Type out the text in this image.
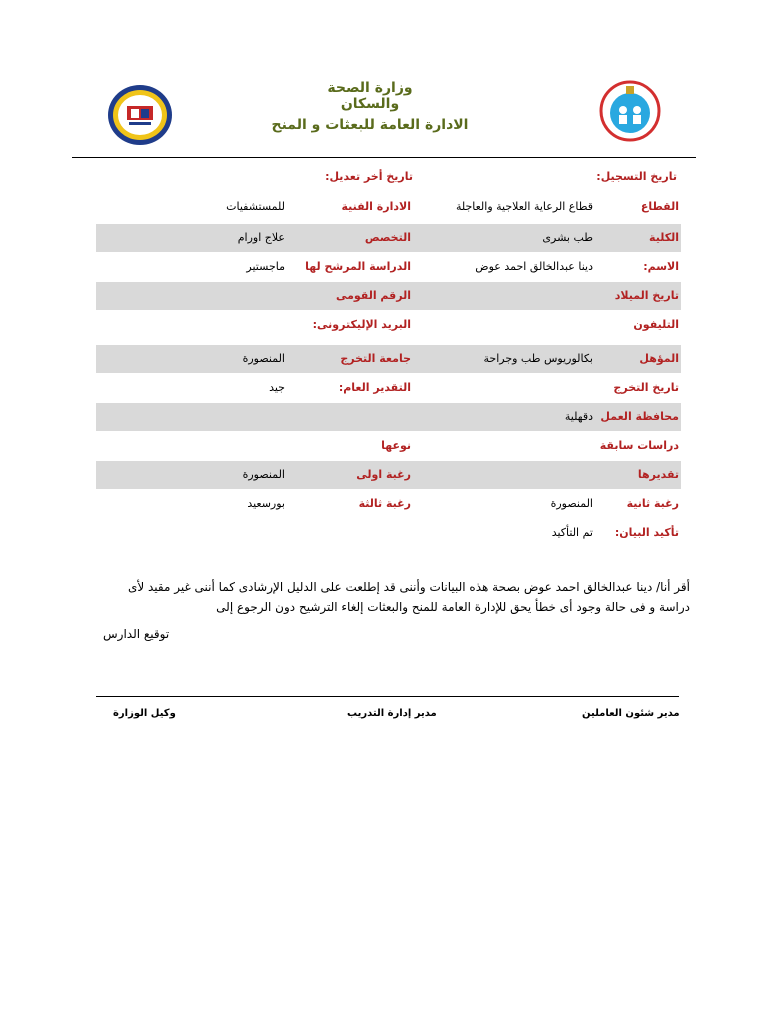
وزارة الصحة والسكان
الادارة العامة للبعثات و المنح
تاريخ التسجيل:
تاريخ أخر تعديل:
القطاع
قطاع الرعاية العلاجية والعاجلة
الادارة الفنية
للمستشفيات
الكلية
طب بشرى
التخصص
علاج اورام
الاسم:
دينا عبدالخالق احمد عوض
الدراسة المرشح لها
ماجستير
تاريخ الميلاد
الرقم القومى
التليفون
البريد الإليكترونى:
المؤهل
بكالوريوس طب وجراحة
جامعة التخرج
المنصورة
تاريخ التخرج
التقدير العام:
جيد
محافظة العمل
دقهلية
دراسات سابقة
نوعها
تقديرها
رغبة اولى
المنصورة
رغبة ثانية
المنصورة
رغبة ثالثة
بورسعيد
تأكيد البيان:
تم التأكيد
أقر أنا/ دينا عبدالخالق احمد عوض بصحة هذه البيانات وأننى قد إطلعت على الدليل الإرشادى كما أننى غير مقيد لأى
دراسة و فى حالة وجود أى خطأ يحق للإدارة العامة للمنح والبعثات إلغاء الترشيح دون الرجوع إلى
توقيع الدارس
مدير شئون العاملين
مدير إدارة التدريب
وكيل الوزارة
